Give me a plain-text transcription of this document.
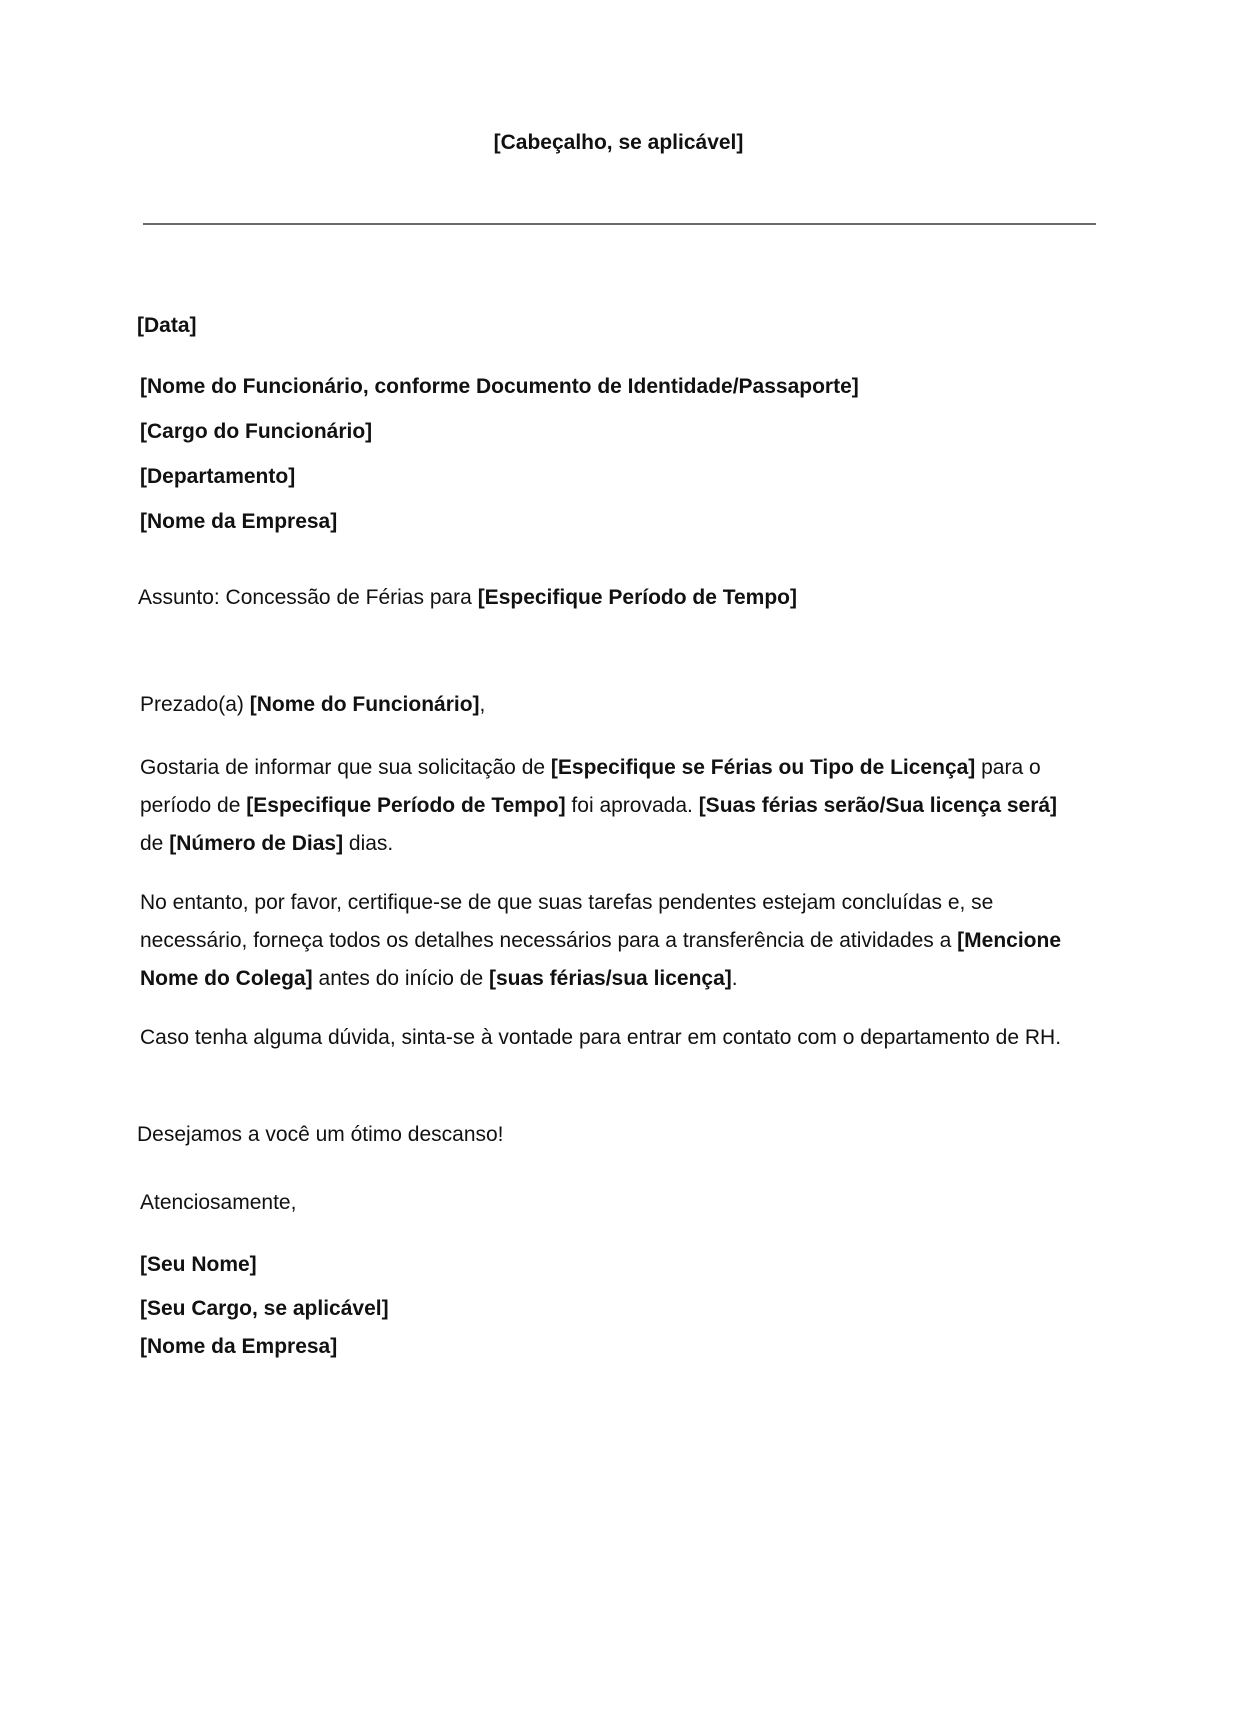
[Cabeçalho, se aplicável]
[Data]
[Nome do Funcionário, conforme Documento de Identidade/Passaporte]
[Cargo do Funcionário]
[Departamento]
[Nome da Empresa]
Assunto: Concessão de Férias para [Especifique Período de Tempo]
Prezado(a) [Nome do Funcionário],
Gostaria de informar que sua solicitação de [Especifique se Férias ou Tipo de Licença] para o período de [Especifique Período de Tempo] foi aprovada. [Suas férias serão/Sua licença será] de [Número de Dias] dias.
No entanto, por favor, certifique-se de que suas tarefas pendentes estejam concluídas e, se necessário, forneça todos os detalhes necessários para a transferência de atividades a [Mencione Nome do Colega] antes do início de [suas férias/sua licença].
Caso tenha alguma dúvida, sinta-se à vontade para entrar em contato com o departamento de RH.
Desejamos a você um ótimo descanso!
Atenciosamente,
[Seu Nome]
[Seu Cargo, se aplicável]
[Nome da Empresa]
